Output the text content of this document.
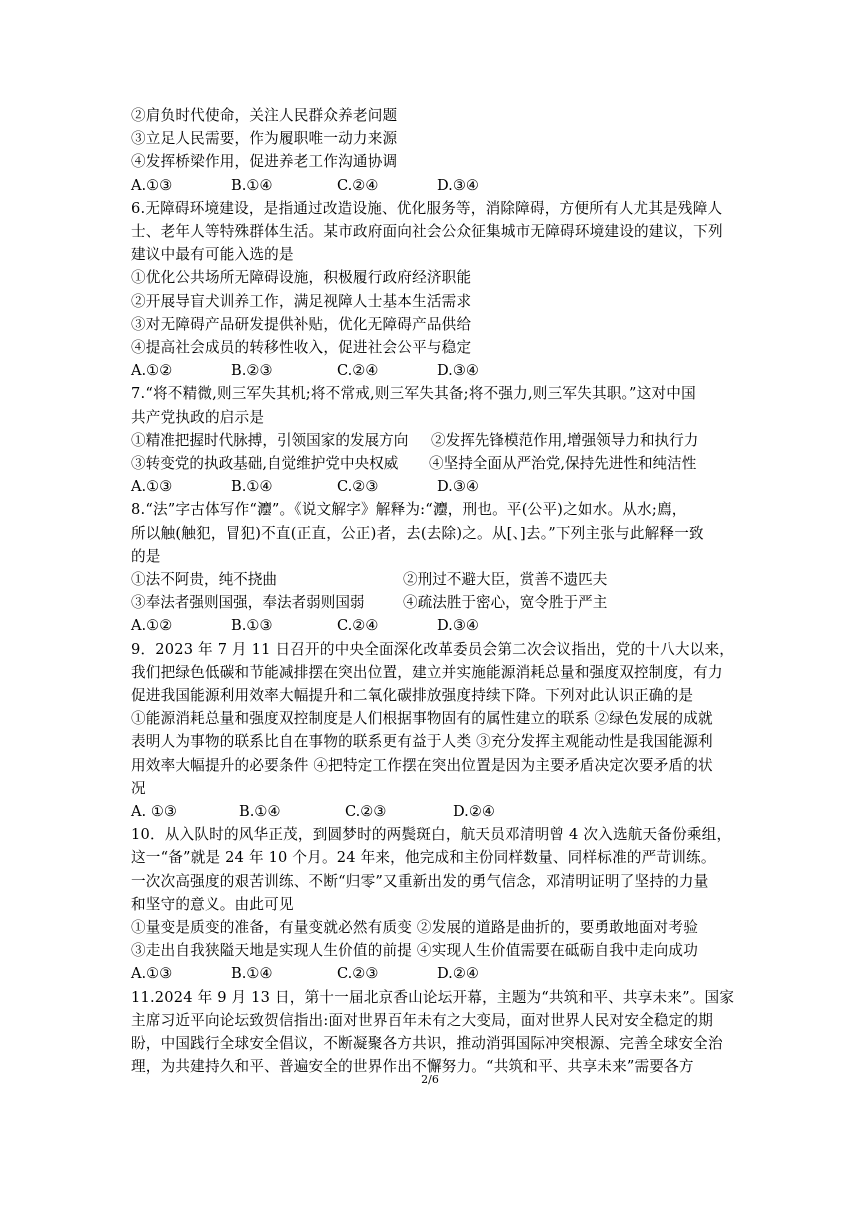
②肩负时代使命，关注人民群众养老问题
③立足人民需要，作为履职唯一动力来源
④发挥桥梁作用，促进养老工作沟通协调
A.①③	B.①④	C.②④	D.③④
6.无障碍环境建设，是指通过改造设施、优化服务等，消除障碍，方便所有人尤其是残障人
士、老年人等特殊群体生活。某市政府面向社会公众征集城市无障碍环境建设的建议，下列
建议中最有可能入选的是
①优化公共场所无障碍设施，积极履行政府经济职能
②开展导盲犬训养工作，满足视障人士基本生活需求
③对无障碍产品研发提供补贴，优化无障碍产品供给
④提高社会成员的转移性收入，促进社会公平与稳定
A.①②	B.②③	C.②④	D.③④
7.“将不精微,则三军失其机;将不常戒,则三军失其备;将不强力,则三军失其职。”这对中国
共产党执政的启示是
①精准把握时代脉搏，引领国家的发展方向 ②发挥先锋模范作用,增强领导力和执行力
③转变党的执政基础,自觉维护党中央权威 ④坚持全面从严治党,保持先进性和纯洁性
A.①③	B.①④	C.②③	D.③④
8.“法”字古体写作“灋”。《说文解字》解释为:“灋，刑也。平(公平)之如水。从水;廌，
所以触(触犯，冒犯)不直(正直，公正)者，去(去除)之。从[、]去。”下列主张与此解释一致
的是
①法不阿贵，纯不挠曲	②刑过不避大臣，赏善不遗匹夫
③奉法者强则国强，奉法者弱则国弱	④疏法胜于密心，宽令胜于严主
A.①②	B.①③	C.②④	D.③④
9．2023 年 7 月 11 日召开的中央全面深化改革委员会第二次会议指出，党的十八大以来，
我们把绿色低碳和节能减排摆在突出位置，建立并实施能源消耗总量和强度双控制度，有力
促进我国能源利用效率大幅提升和二氧化碳排放强度持续下降。下列对此认识正确的是
①能源消耗总量和强度双控制度是人们根据事物固有的属性建立的联系 ②绿色发展的成就
表明人为事物的联系比自在事物的联系更有益于人类 ③充分发挥主观能动性是我国能源利
用效率大幅提升的必要条件 ④把特定工作摆在突出位置是因为主要矛盾决定次要矛盾的状
况
A. ①③	B.①④	C.②③	D.②④
10．从入队时的风华正茂，到圆梦时的两鬓斑白，航天员邓清明曾 4 次入选航天备份乘组，
这一“备”就是 24 年 10 个月。24 年来，他完成和主份同样数量、同样标准的严苛训练。
一次次高强度的艰苦训练、不断“归零”又重新出发的勇气信念，邓清明证明了坚持的力量
和坚守的意义。由此可见
①量变是质变的准备，有量变就必然有质变 ②发展的道路是曲折的，要勇敢地面对考验
③走出自我狭隘天地是实现人生价值的前提 ④实现人生价值需要在砥砺自我中走向成功
A.①③	B.①④	C.②③	D.②④
11.2024 年 9 月 13 日，第十一届北京香山论坛开幕，主题为“共筑和平、共享未来”。国家
主席习近平向论坛致贺信指出:面对世界百年未有之大变局，面对世界人民对安全稳定的期
盼，中国践行全球安全倡议，不断凝聚各方共识，推动消弭国际冲突根源、完善全球安全治
理，为共建持久和平、普遍安全的世界作出不懈努力。“共筑和平、共享未来”需要各方
2/6
